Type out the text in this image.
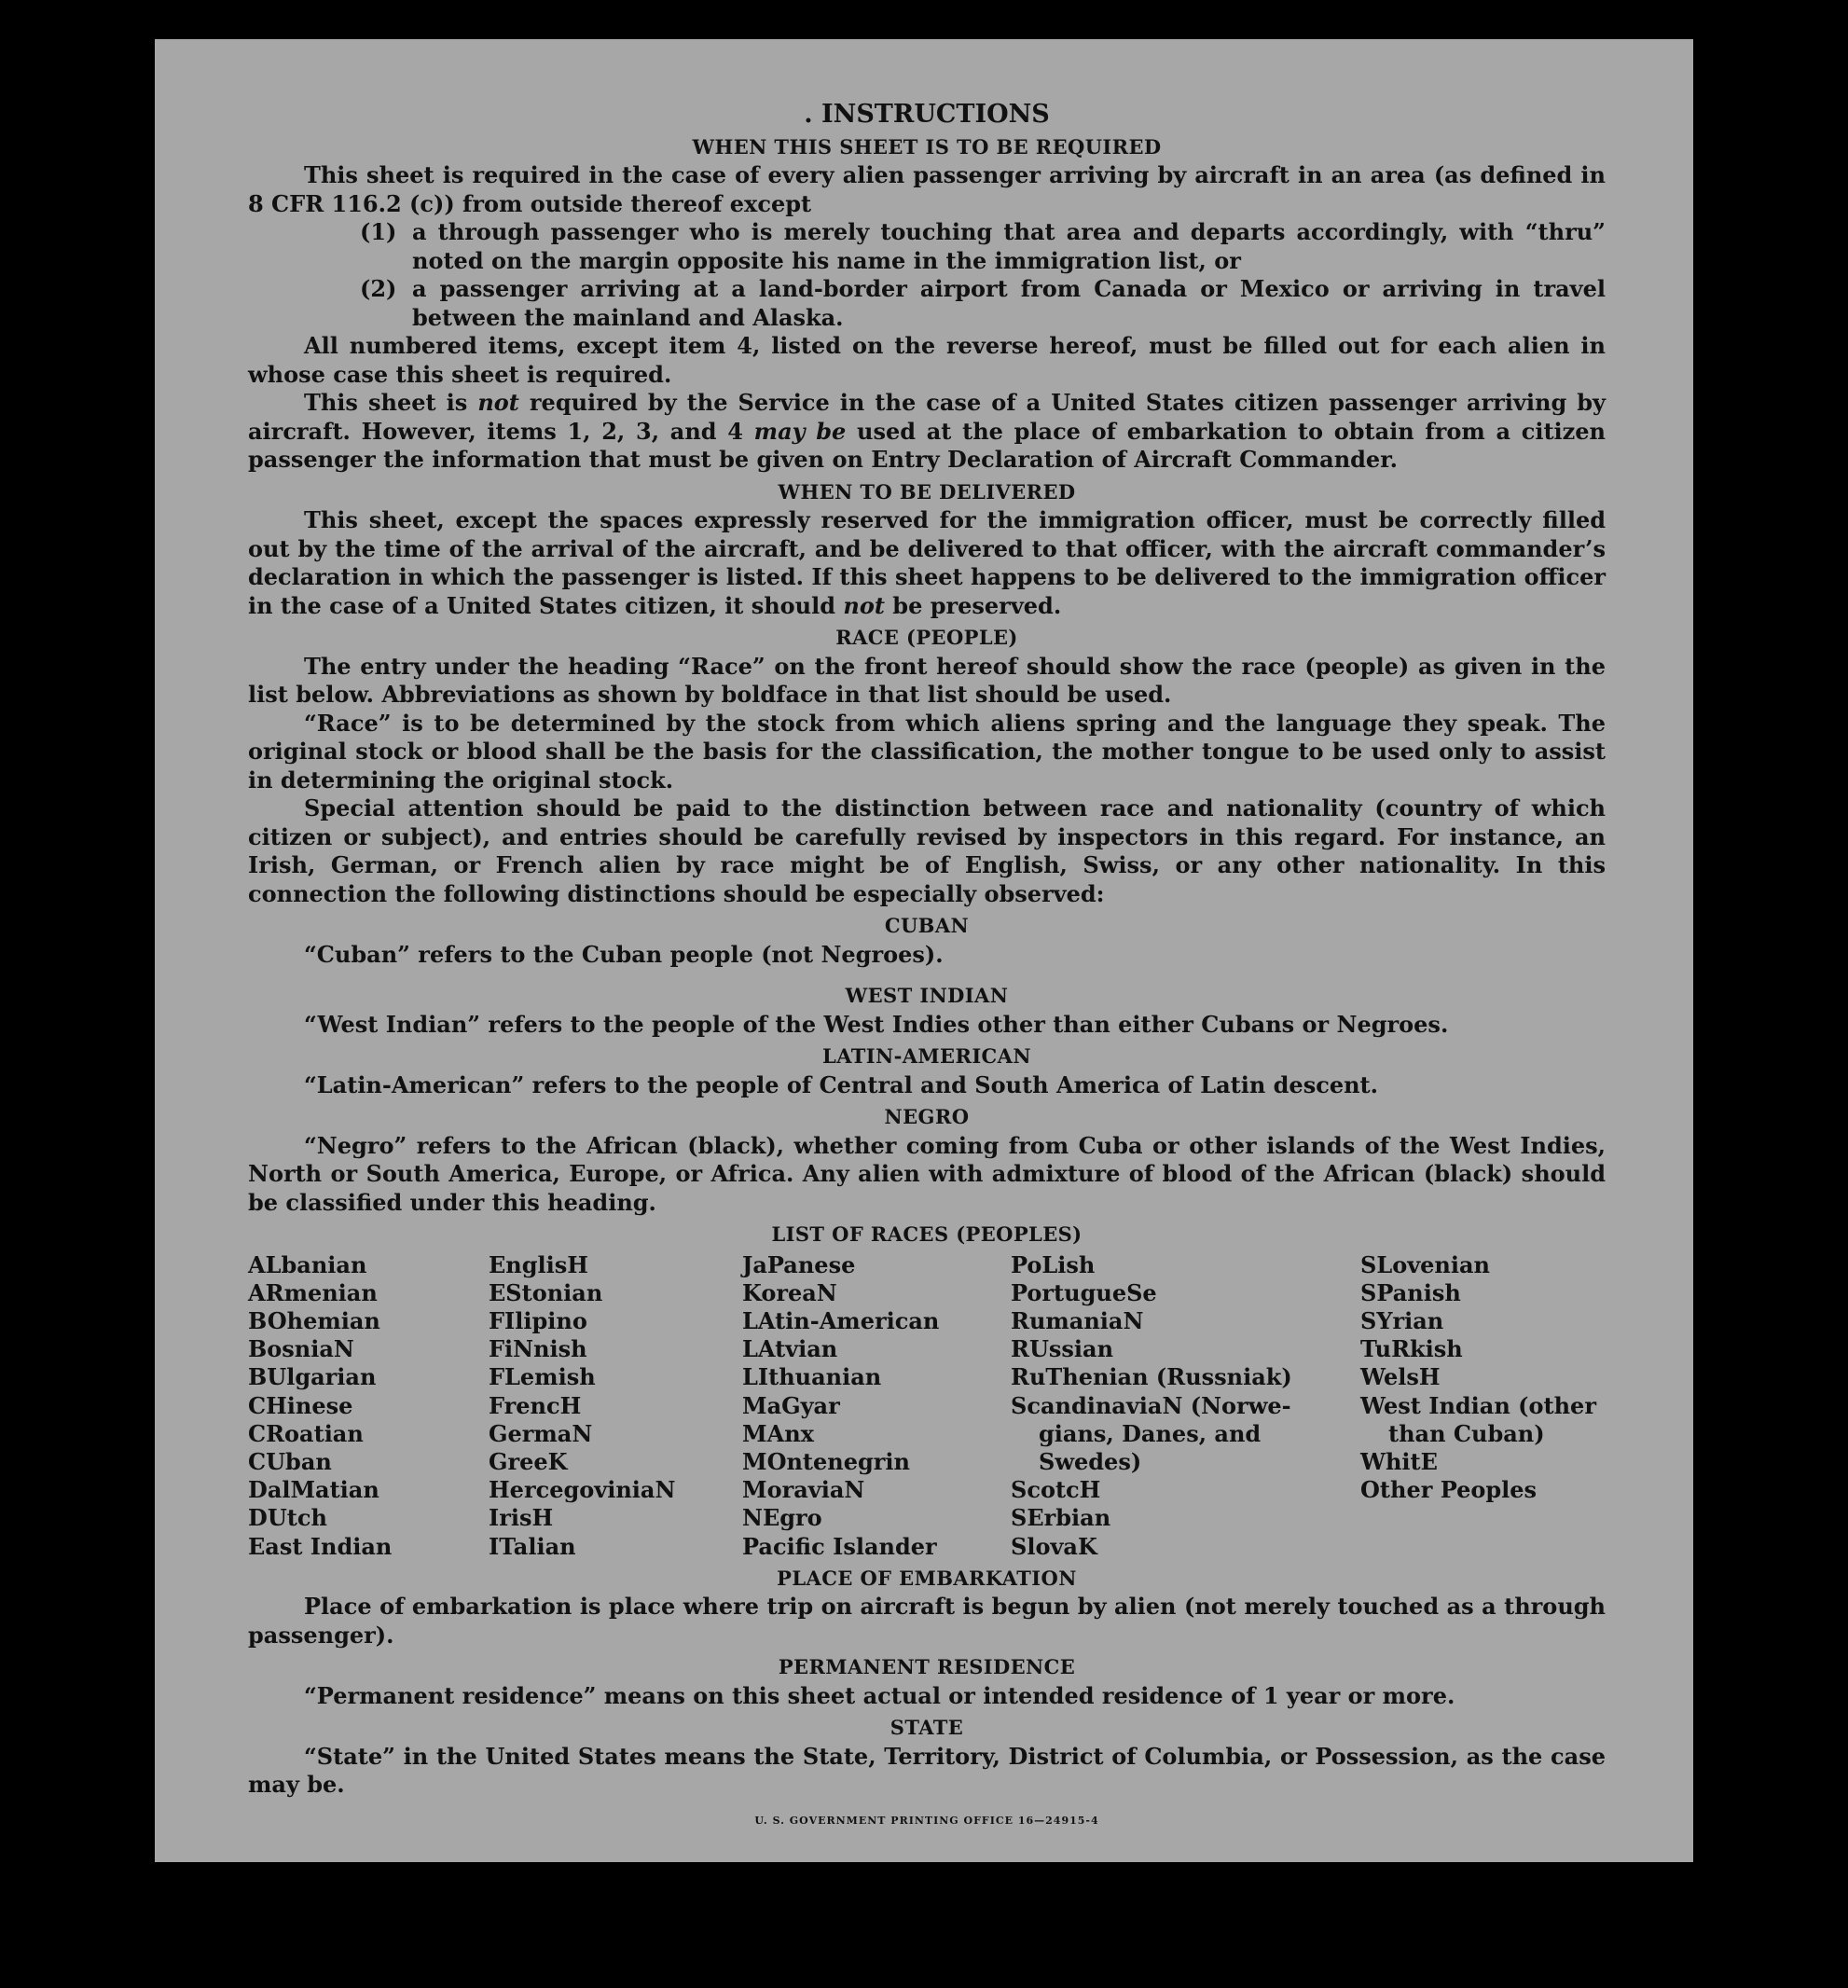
. INSTRUCTIONS
WHEN THIS SHEET IS TO BE REQUIRED
This sheet is required in the case of every alien passenger arriving by aircraft in an area (as defined in 8 CFR 116.2 (c)) from outside thereof except
(1) a through passenger who is merely touching that area and departs accordingly, with “thru” noted on the margin opposite his name in the immigration list, or
(2) a passenger arriving at a land-border airport from Canada or Mexico or arriving in travel between the mainland and Alaska.
All numbered items, except item 4, listed on the reverse hereof, must be filled out for each alien in whose case this sheet is required.
This sheet is not required by the Service in the case of a United States citizen passenger arriving by aircraft. However, items 1, 2, 3, and 4 may be used at the place of embarkation to obtain from a citizen passenger the information that must be given on Entry Declaration of Aircraft Commander.
WHEN TO BE DELIVERED
This sheet, except the spaces expressly reserved for the immigration officer, must be correctly filled out by the time of the arrival of the aircraft, and be delivered to that officer, with the aircraft commander’s declaration in which the passenger is listed. If this sheet happens to be delivered to the immigration officer in the case of a United States citizen, it should not be preserved.
RACE (PEOPLE)
The entry under the heading “Race” on the front hereof should show the race (people) as given in the list below. Abbreviations as shown by boldface in that list should be used.
“Race” is to be determined by the stock from which aliens spring and the language they speak. The original stock or blood shall be the basis for the classification, the mother tongue to be used only to assist in determining the original stock.
Special attention should be paid to the distinction between race and nationality (country of which citizen or subject), and entries should be carefully revised by inspectors in this regard. For instance, an Irish, German, or French alien by race might be of English, Swiss, or any other nationality. In this connection the following distinctions should be especially observed:
CUBAN
“Cuban” refers to the Cuban people (not Negroes).
WEST INDIAN
“West Indian” refers to the people of the West Indies other than either Cubans or Negroes.
LATIN-AMERICAN
“Latin-American” refers to the people of Central and South America of Latin descent.
NEGRO
“Negro” refers to the African (black), whether coming from Cuba or other islands of the West Indies, North or South America, Europe, or Africa. Any alien with admixture of blood of the African (black) should be classified under this heading.
LIST OF RACES (PEOPLES)
ALbanian
ARmenian
BOhemian
BosniaN
BUlgarian
CHinese
CRoatian
CUban
DalMatian
DUtch
East Indian
EnglisH
EStonian
FIlipino
FiNnish
FLemish
FrencH
GermaN
GreeK
HercegoviniaN
IrisH
ITalian
JaPanese
KoreaN
LAtin-American
LAtvian
LIthuanian
MaGyar
MAnx
MOntenegrin
MoraviaN
NEgro
Pacific Islander
PoLish
PortugueSe
RumaniaN
RUssian
RuThenian (Russniak)
ScandinaviaN (Norwe-
gians, Danes, and
Swedes)
ScotcH
SErbian
SlovaK
SLovenian
SPanish
SYrian
TuRkish
WelsH
West Indian (other
than Cuban)
WhitE
Other Peoples
PLACE OF EMBARKATION
Place of embarkation is place where trip on aircraft is begun by alien (not merely touched as a through passenger).
PERMANENT RESIDENCE
“Permanent residence” means on this sheet actual or intended residence of 1 year or more.
STATE
“State” in the United States means the State, Territory, District of Columbia, or Possession, as the case may be.
U. S. GOVERNMENT PRINTING OFFICE 16—24915-4
